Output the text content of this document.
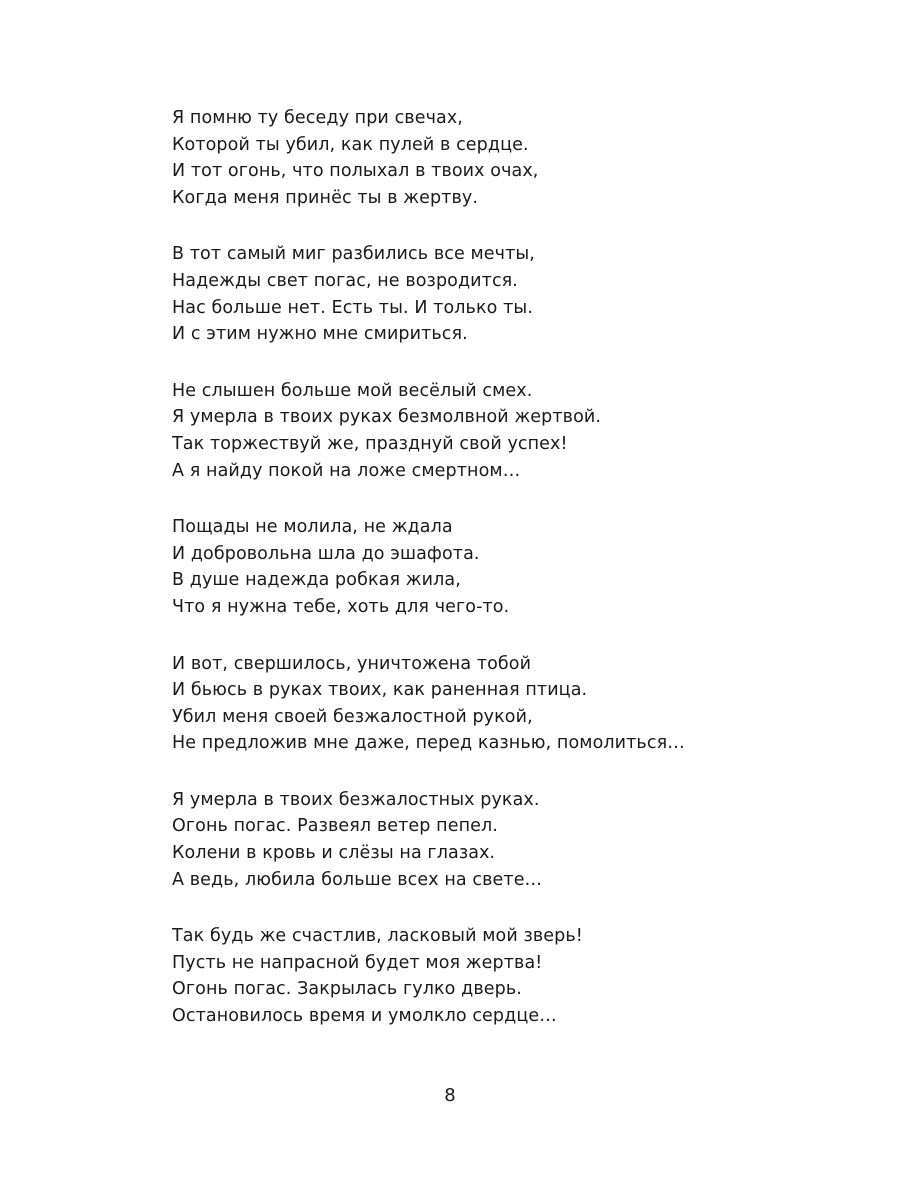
Я помню ту беседу при свечах,
Которой ты убил, как пулей в сердце.
И тот огонь, что полыхал в твоих очах,
Когда меня принёс ты в жертву.
В тот самый миг разбились все мечты,
Надежды свет погас, не возродится.
Нас больше нет. Есть ты. И только ты.
И с этим нужно мне смириться.
Не слышен больше мой весёлый смех.
Я умерла в твоих руках безмолвной жертвой.
Так торжествуй же, празднуй свой успех!
А я найду покой на ложе смертном…
Пощады не молила, не ждала
И добровольна шла до эшафота.
В душе надежда робкая жила,
Что я нужна тебе, хоть для чего-то.
И вот, свершилось, уничтожена тобой
И бьюсь в руках твоих, как раненная птица.
Убил меня своей безжалостной рукой,
Не предложив мне даже, перед казнью, помолиться…
Я умерла в твоих безжалостных руках.
Огонь погас. Развеял ветер пепел.
Колени в кровь и слёзы на глазах.
А ведь, любила больше всех на свете…
Так будь же счастлив, ласковый мой зверь!
Пусть не напрасной будет моя жертва!
Огонь погас. Закрылась гулко дверь.
Остановилось время и умолкло сердце…
8
